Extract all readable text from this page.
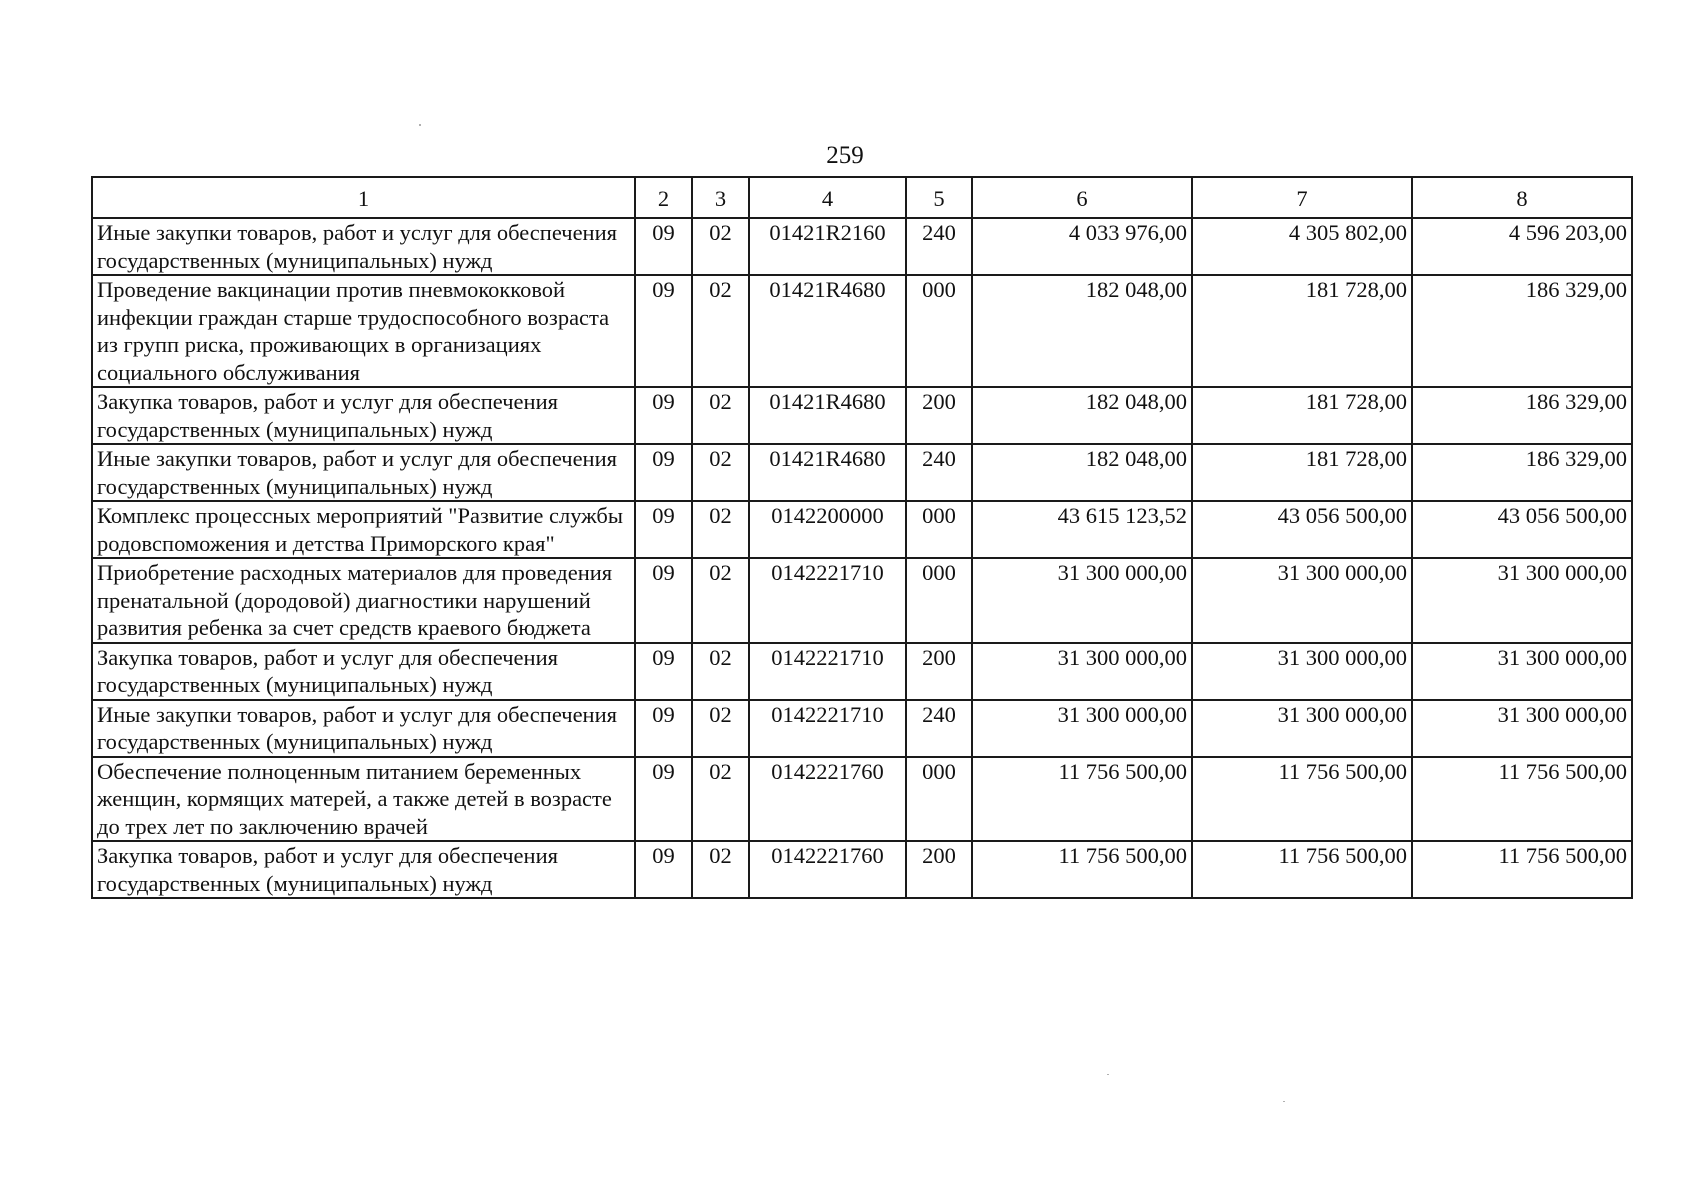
259
1	2	3	4	5	6	7	8
Иные закупки товаров, работ и услуг для обеспечения государственных (муниципальных) нужд	09	02	01421R2160	240	4 033 976,00	4 305 802,00	4 596 203,00
Проведение вакцинации против пневмококковой инфекции граждан старше трудоспособного возраста из групп риска, проживающих в организациях социального обслуживания	09	02	01421R4680	000	182 048,00	181 728,00	186 329,00
Закупка товаров, работ и услуг для обеспечения государственных (муниципальных) нужд	09	02	01421R4680	200	182 048,00	181 728,00	186 329,00
Иные закупки товаров, работ и услуг для обеспечения государственных (муниципальных) нужд	09	02	01421R4680	240	182 048,00	181 728,00	186 329,00
Комплекс процессных мероприятий "Развитие службы родовспоможения и детства Приморского края"	09	02	0142200000	000	43 615 123,52	43 056 500,00	43 056 500,00
Приобретение расходных материалов для проведения пренатальной (дородовой) диагностики нарушений развития ребенка за счет средств краевого бюджета	09	02	0142221710	000	31 300 000,00	31 300 000,00	31 300 000,00
Закупка товаров, работ и услуг для обеспечения государственных (муниципальных) нужд	09	02	0142221710	200	31 300 000,00	31 300 000,00	31 300 000,00
Иные закупки товаров, работ и услуг для обеспечения государственных (муниципальных) нужд	09	02	0142221710	240	31 300 000,00	31 300 000,00	31 300 000,00
Обеспечение полноценным питанием беременных женщин, кормящих матерей, а также детей в возрасте до трех лет по заключению врачей	09	02	0142221760	000	11 756 500,00	11 756 500,00	11 756 500,00
Закупка товаров, работ и услуг для обеспечения государственных (муниципальных) нужд	09	02	0142221760	200	11 756 500,00	11 756 500,00	11 756 500,00
